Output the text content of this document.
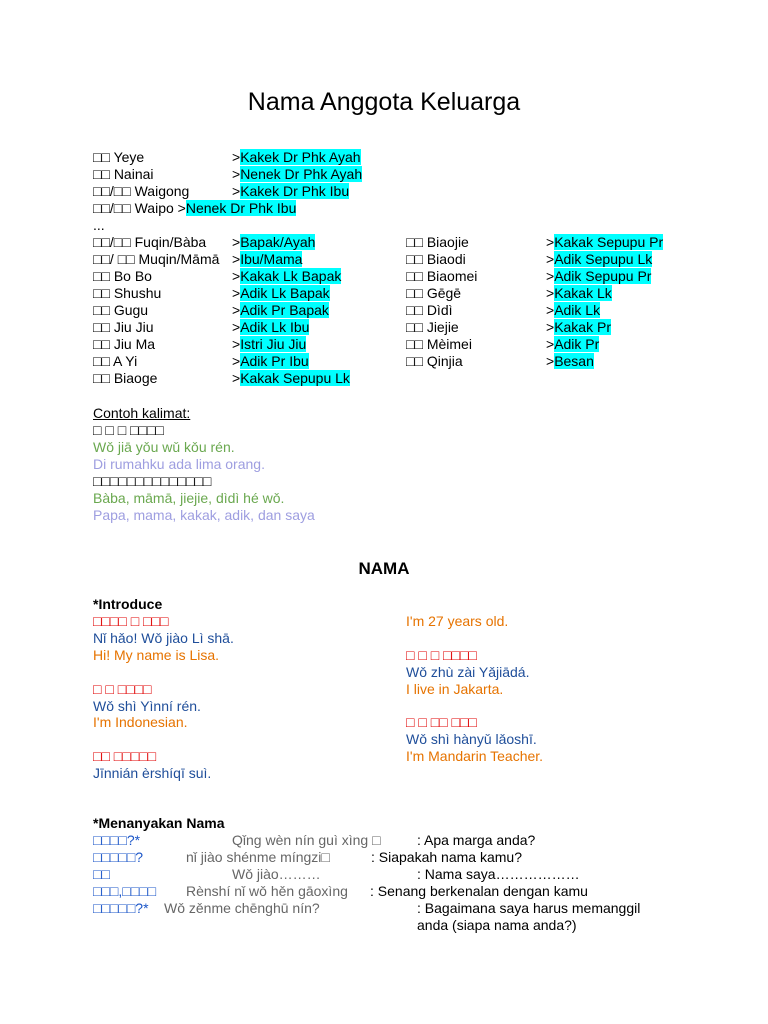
Nama Anggota Keluarga
□□ Yeye	>Kakek Dr Phk Ayah
□□ Nainai	>Nenek Dr Phk Ayah
□□/□□ Waigong	>Kakek Dr Phk Ibu
□□/□□ Waipo >Nenek Dr Phk Ibu
...
□□/□□ Fuqin/Bàba >Bapak/Ayah
□□/ □□ Muqin/Māmā >Ibu/Mama
□□ Bo Bo	>Kakak Lk Bapak
□□ Shushu	>Adik Lk Bapak
□□ Gugu	>Adik Pr Bapak
□□ Jiu Jiu	>Adik Lk Ibu
□□ Jiu Ma	>Istri Jiu Jiu
□□ A Yi	>Adik Pr Ibu
□□ Biaoge	>Kakak Sepupu Lk
□□ Biaojie	>Kakak Sepupu Pr
□□ Biaodi	>Adik Sepupu Lk
□□ Biaomei	>Adik Sepupu Pr
□□ Gēgē	>Kakak Lk
□□ Dìdì	>Adik Lk
□□ Jiejie	>Kakak Pr
□□ Mèimei	>Adik Pr
□□ Qinjia	>Besan
Contoh kalimat:
□ □ □ □□□□
Wǒ jiā yǒu wǔ kǒu rén.
Di rumahku ada lima orang.
□□□□□□□□□□□□□□
Bàba, māmā, jiejie, dìdì hé wǒ.
Papa, mama, kakak, adik, dan saya
NAMA
*Introduce
□□□□ □ □□□
Nǐ hǎo! Wǒ jiào Lì shā.
Hi! My name is Lisa.
□ □ □□□□
Wǒ shì Yìnní rén.
I'm Indonesian.
□□ □□□□□
Jīnnián èrshíqī suì.
I'm 27 years old.
□ □ □ □□□□
Wǒ zhù zài Yǎjiādá.
I live in Jakarta.
□ □ □□ □□□
Wǒ shì hànyǔ lǎoshī.
I'm Mandarin Teacher.
*Menanyakan Nama
□□□□?*	Qǐng wèn nín guì xìng □	: Apa marga anda?
□□□□□?	nǐ jiào shénme míngzi□	: Siapakah nama kamu?
□□	Wǒ jiào………	: Nama saya………………
□□□,□□□□ Rènshí nǐ wǒ hěn gāoxìng : Senang berkenalan dengan kamu
□□□□□?* Wǒ zěnme chēnghū nín?	: Bagaimana saya harus memanggil
anda (siapa nama anda?)
